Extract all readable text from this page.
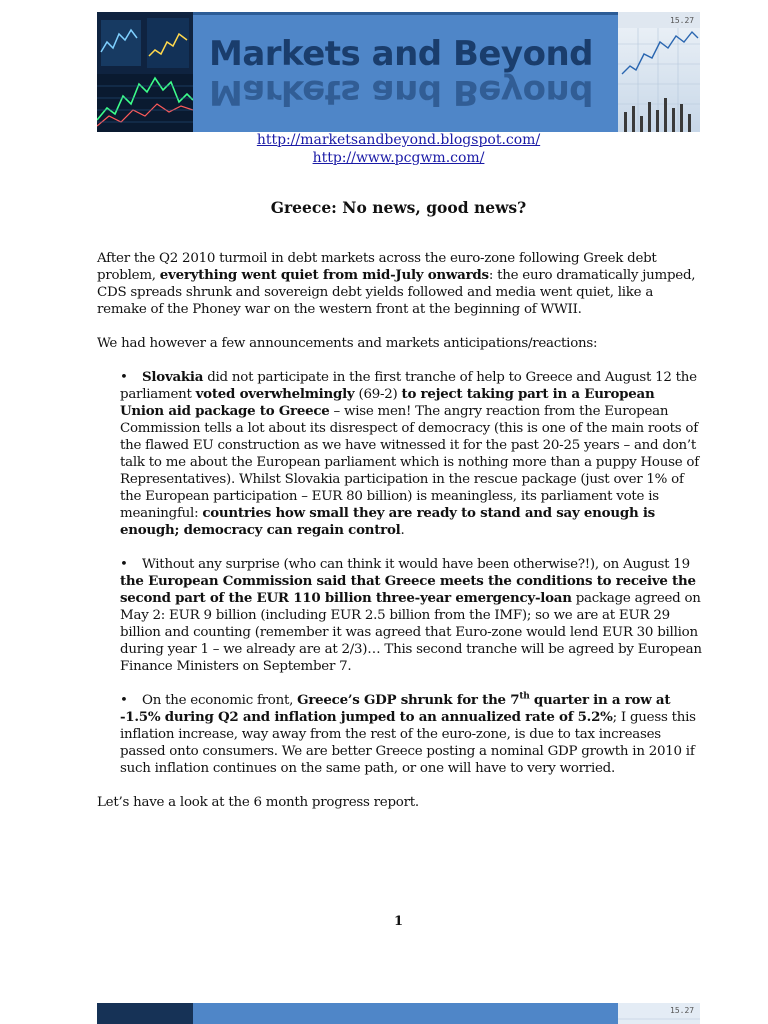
Markets and Beyond
Markets and Beyond
15.27
http://marketsandbeyond.blogspot.com/
http://www.pcgwm.com/
Greece: No news, good news?

After the Q2 2010 turmoil in debt markets across the euro-zone following Greek debt problem, everything went quiet from mid-July onwards: the euro dramatically jumped, CDS spreads shrunk and sovereign debt yields followed and media went quiet, like a remake of the Phoney war on the western front at the beginning of WWII.

We had however a few announcements and markets anticipations/reactions:

• Slovakia did not participate in the first tranche of help to Greece and August 12 the parliament voted overwhelmingly (69-2) to reject taking part in a European Union aid package to Greece – wise men! The angry reaction from the European Commission tells a lot about its disrespect of democracy (this is one of the main roots of the flawed EU construction as we have witnessed it for the past 20-25 years – and don’t talk to me about the European parliament which is nothing more than a puppy House of Representatives). Whilst Slovakia participation in the rescue package (just over 1% of the European participation – EUR 80 billion) is meaningless, its parliament vote is meaningful: countries how small they are ready to stand and say enough is enough; democracy can regain control.
• Without any surprise (who can think it would have been otherwise?!), on August 19 the European Commission said that Greece meets the conditions to receive the second part of the EUR 110 billion three-year emergency-loan package agreed on May 2: EUR 9 billion (including EUR 2.5 billion from the IMF); so we are at EUR 29 billion and counting (remember it was agreed that Euro-zone would lend EUR 30 billion during year 1 – we already are at 2/3)… This second tranche will be agreed by European Finance Ministers on September 7.
• On the economic front, Greece’s GDP shrunk for the 7th quarter in a row at -1.5% during Q2 and inflation jumped to an annualized rate of 5.2%; I guess this inflation increase, way away from the rest of the euro-zone, is due to tax increases passed onto consumers. We are better Greece posting a nominal GDP growth in 2010 if such inflation continues on the same path, or one will have to very worried.

Let’s have a look at the 6 month progress report.

1
15.27
